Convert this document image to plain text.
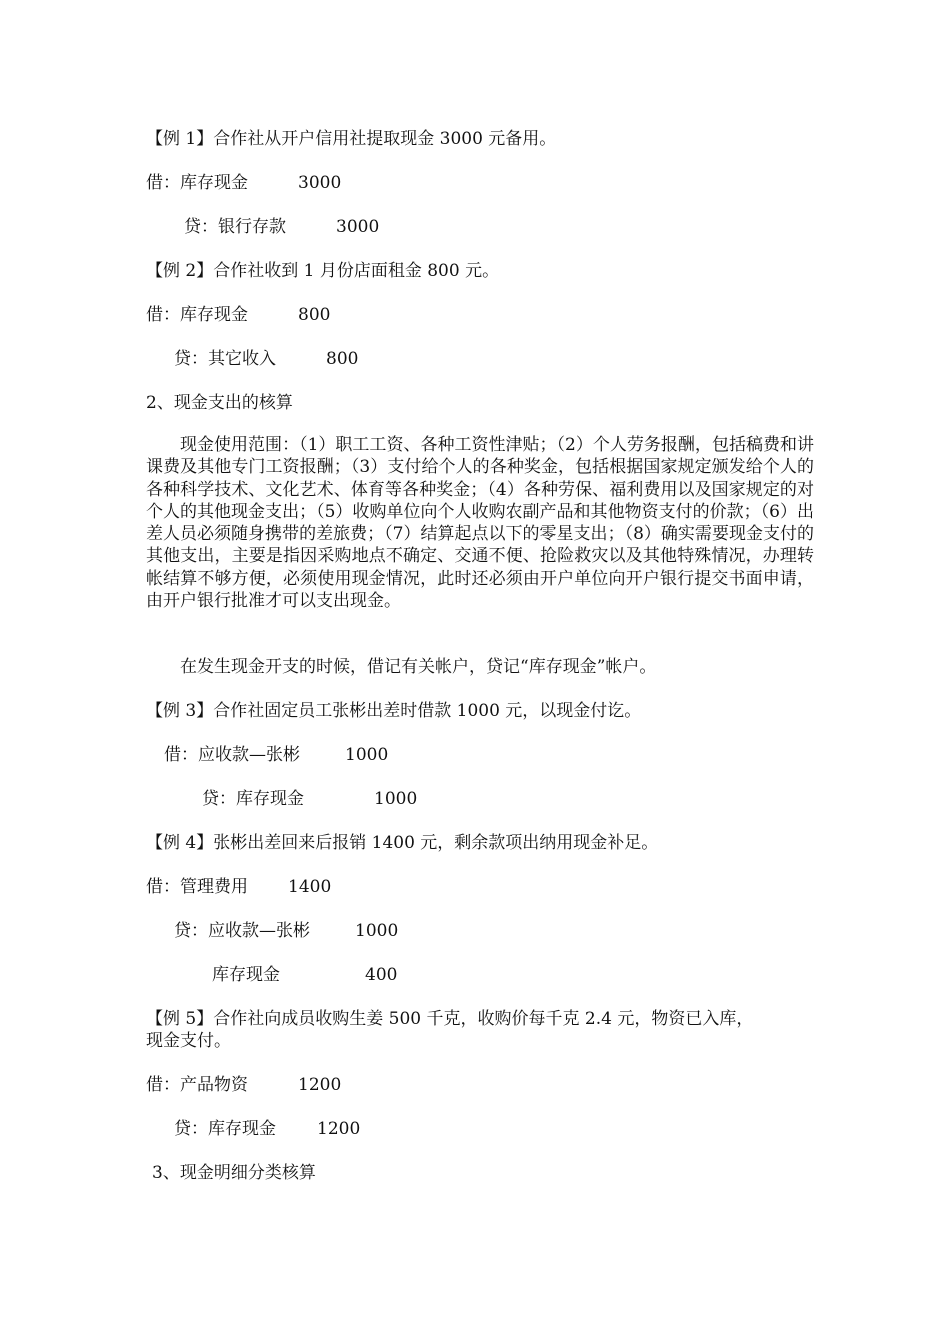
【例 1】合作社从开户信用社提取现金 3000 元备用。
借：库存现金	3000
贷：银行存款	3000
【例 2】合作社收到 1 月份店面租金 800 元。
借：库存现金	800
贷：其它收入	800
2、现金支出的核算
现金使用范围：（1）职工工资、各种工资性津贴；（2）个人劳务报酬，包括稿费和讲课费及其他专门工资报酬；（3）支付给个人的各种奖金，包括根据国家规定颁发给个人的各种科学技术、文化艺术、体育等各种奖金；（4）各种劳保、福利费用以及国家规定的对个人的其他现金支出；（5）收购单位向个人收购农副产品和其他物资支付的价款；（6）出差人员必须随身携带的差旅费；（7）结算起点以下的零星支出；（8）确实需要现金支付的其他支出，主要是指因采购地点不确定、交通不便、抢险救灾以及其他特殊情况，办理转帐结算不够方便，必须使用现金情况，此时还必须由开户单位向开户银行提交书面申请，由开户银行批准才可以支出现金。
在发生现金开支的时候，借记有关帐户，贷记“库存现金”帐户。
【例 3】合作社固定员工张彬出差时借款 1000 元，以现金付讫。
借：应收款—张彬	1000
贷：库存现金	1000
【例 4】张彬出差回来后报销 1400 元，剩余款项出纳用现金补足。
借：管理费用 1400
贷：应收款—张彬	1000
库存现金	400
【例 5】合作社向成员收购生姜 500 千克，收购价每千克 2.4 元，物资已入库，
现金支付。
借：产品物资	1200
贷：库存现金 1200
3、现金明细分类核算
